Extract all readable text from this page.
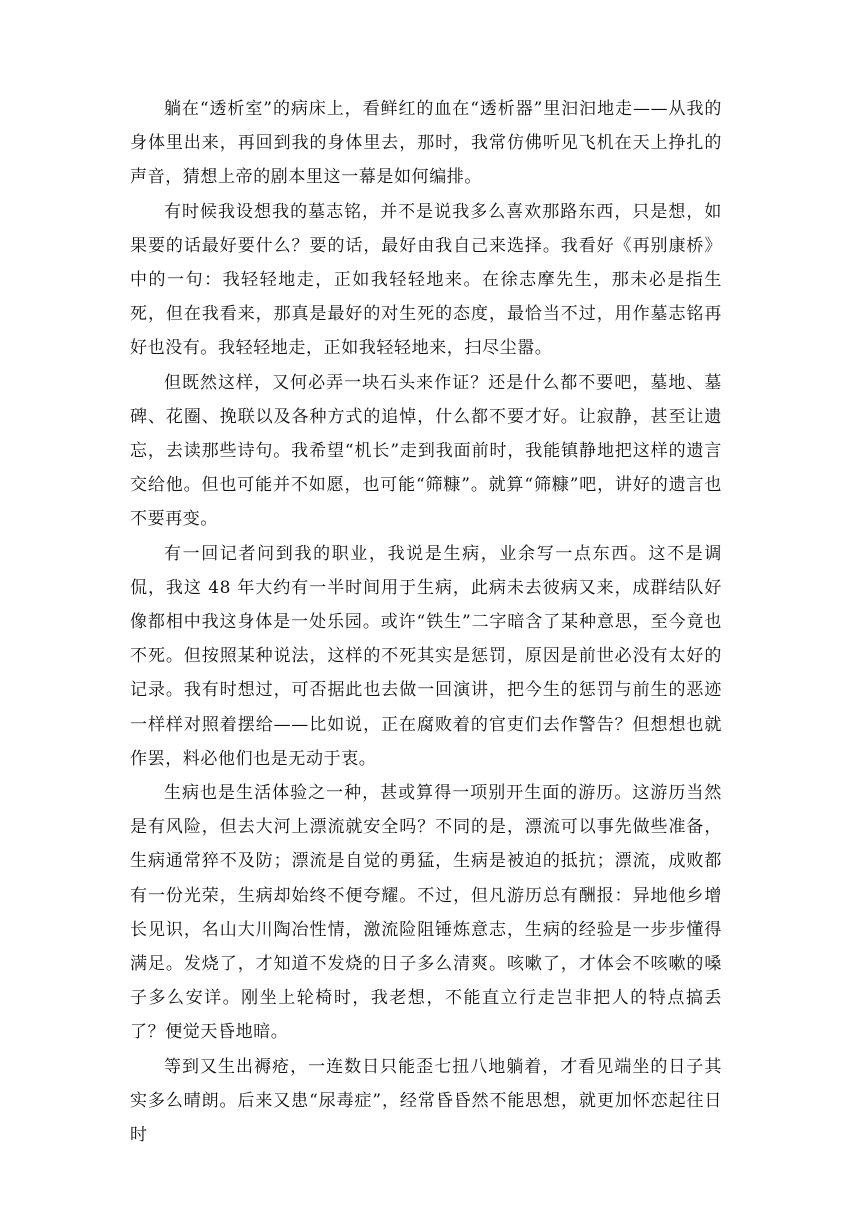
躺在“透析室”的病床上，看鲜红的血在“透析器”里汩汩地走——从我的身体里出来，再回到我的身体里去，那时，我常仿佛听见飞机在天上挣扎的声音，猜想上帝的剧本里这一幕是如何编排。

有时候我设想我的墓志铭，并不是说我多么喜欢那路东西，只是想，如果要的话最好要什么？要的话，最好由我自己来选择。我看好《再别康桥》中的一句：我轻轻地走，正如我轻轻地来。在徐志摩先生，那未必是指生死，但在我看来，那真是最好的对生死的态度，最恰当不过，用作墓志铭再好也没有。我轻轻地走，正如我轻轻地来，扫尽尘嚣。

但既然这样，又何必弄一块石头来作证？还是什么都不要吧，墓地、墓碑、花圈、挽联以及各种方式的追悼，什么都不要才好。让寂静，甚至让遗忘，去读那些诗句。我希望“机长”走到我面前时，我能镇静地把这样的遗言交给他。但也可能并不如愿，也可能“筛糠”。就算“筛糠”吧，讲好的遗言也不要再变。

有一回记者问到我的职业，我说是生病，业余写一点东西。这不是调侃，我这 48 年大约有一半时间用于生病，此病未去彼病又来，成群结队好像都相中我这身体是一处乐园。或许“铁生”二字暗含了某种意思，至今竟也不死。但按照某种说法，这样的不死其实是惩罚，原因是前世必没有太好的记录。我有时想过，可否据此也去做一回演讲，把今生的惩罚与前生的恶迹一样样对照着摆给——比如说，正在腐败着的官吏们去作警告？但想想也就作罢，料必他们也是无动于衷。

生病也是生活体验之一种，甚或算得一项别开生面的游历。这游历当然是有风险，但去大河上漂流就安全吗？不同的是，漂流可以事先做些准备，生病通常猝不及防；漂流是自觉的勇猛，生病是被迫的抵抗；漂流，成败都有一份光荣，生病却始终不便夸耀。不过，但凡游历总有酬报：异地他乡增长见识，名山大川陶冶性情，激流险阻锤炼意志，生病的经验是一步步懂得满足。发烧了，才知道不发烧的日子多么清爽。咳嗽了，才体会不咳嗽的嗓子多么安详。刚坐上轮椅时，我老想，不能直立行走岂非把人的特点搞丢了？便觉天昏地暗。

等到又生出褥疮，一连数日只能歪七扭八地躺着，才看见端坐的日子其实多么晴朗。后来又患“尿毒症”，经常昏昏然不能思想，就更加怀恋起往日时
